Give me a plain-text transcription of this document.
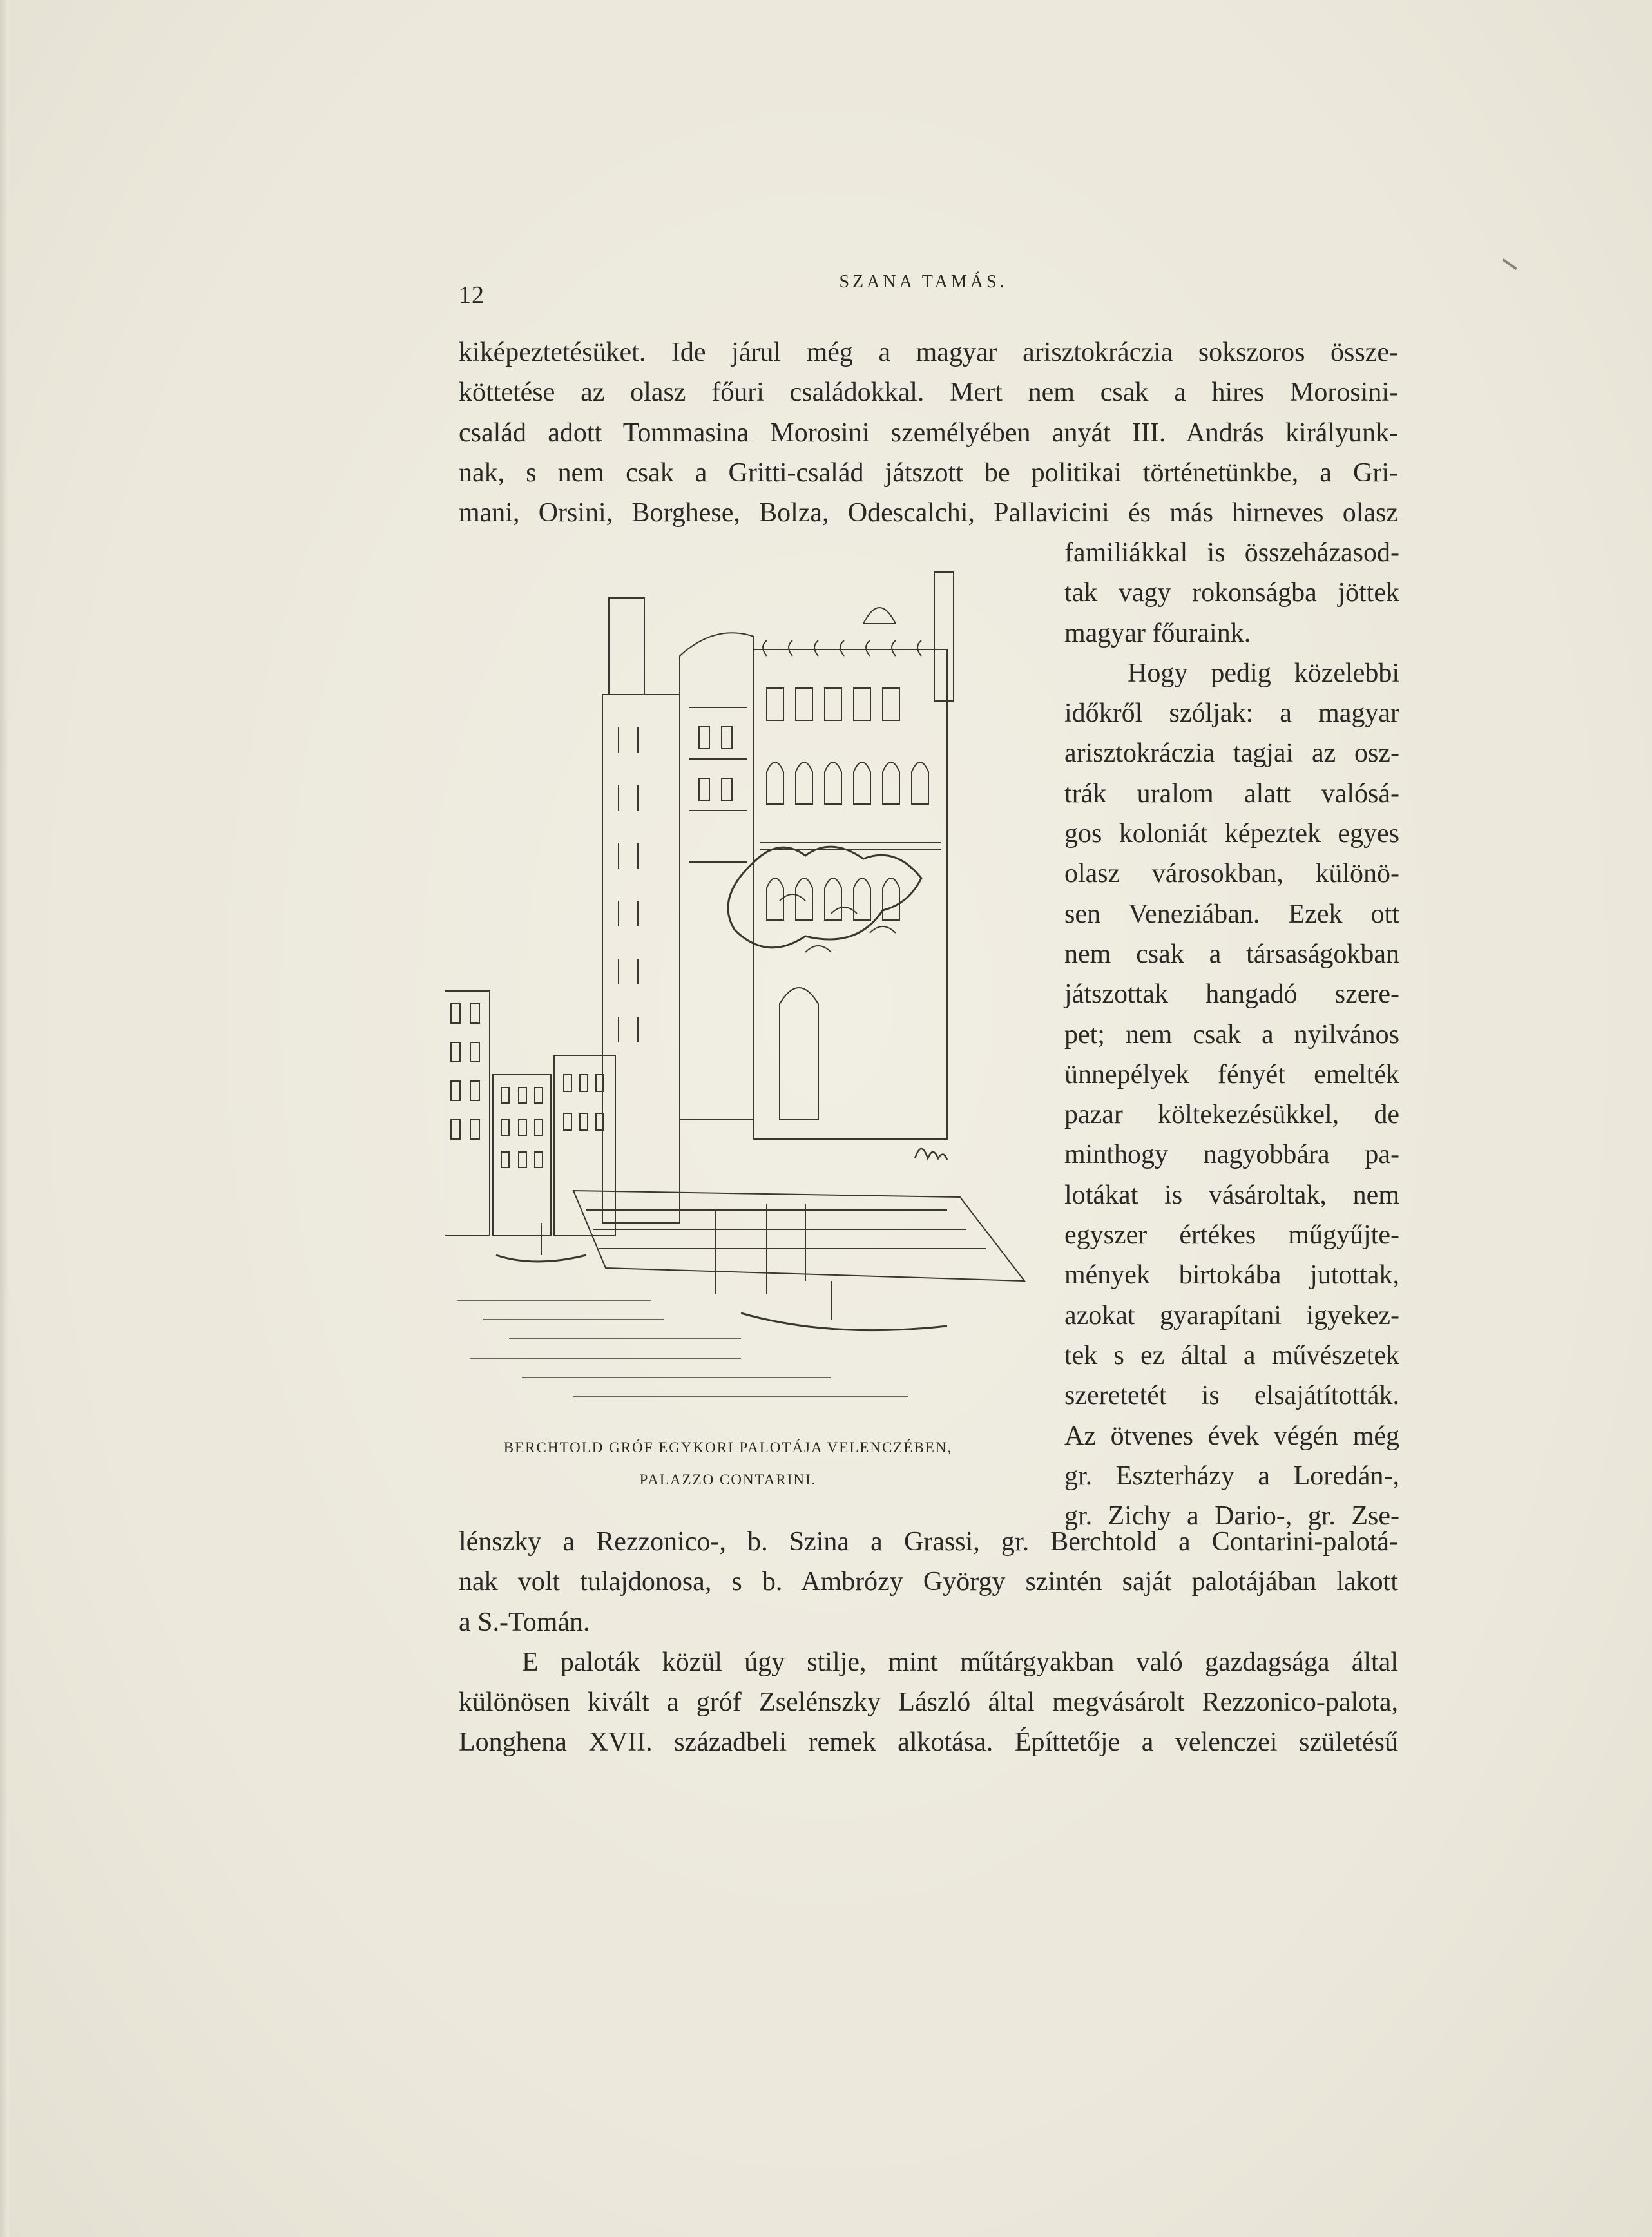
12	SZANA TAMÁS.
kiképeztetésüket. Ide járul még a magyar arisztokráczia sokszoros össze-
köttetése az olasz főuri családokkal. Mert nem csak a hires Morosini-
család adott Tommasina Morosini személyében anyát III. András királyunk-
nak, s nem csak a Gritti-család játszott be politikai történetünkbe, a Gri-
mani, Orsini, Borghese, Bolza, Odescalchi, Pallavicini és más hirneves olasz
BERCHTOLD GRÓF EGYKORI PALOTÁJA VELENCZÉBEN,
PALAZZO CONTARINI.
familiákkal is összeházasod-
tak vagy rokonságba jöttek
magyar főuraink.
Hogy pedig közelebbi
időkről szóljak: a magyar
arisztokráczia tagjai az osz-
trák uralom alatt valósá-
gos koloniát képeztek egyes
olasz városokban, különö-
sen Veneziában. Ezek ott
nem csak a társaságokban
játszottak hangadó szere-
pet; nem csak a nyilvános
ünnepélyek fényét emelték
pazar költekezésükkel, de
minthogy nagyobbára pa-
lotákat is vásároltak, nem
egyszer értékes műgyűjte-
mények birtokába jutottak,
azokat gyarapítani igyekez-
tek s ez által a művészetek
szeretetét is elsajátították.
Az ötvenes évek végén még
gr. Eszterházy a Loredán-,
gr. Zichy a Dario-, gr. Zse-
lénszky a Rezzonico-, b. Szina a Grassi, gr. Berchtold a Contarini-palotá-
nak volt tulajdonosa, s b. Ambrózy György szintén saját palotájában lakott
a S.-Tomán.
E paloták közül úgy stilje, mint műtárgyakban való gazdagsága által
különösen kivált a gróf Zselénszky László által megvásárolt Rezzonico-palota,
Longhena XVII. századbeli remek alkotása. Építtetője a velenczei születésű
